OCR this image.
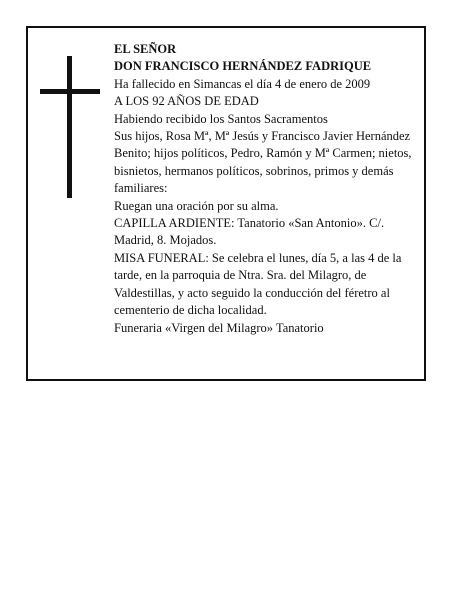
EL SEÑOR

DON FRANCISCO HERNÁNDEZ FADRIQUE

Ha fallecido en Simancas el día 4 de enero de 2009

A LOS 92 AÑOS DE EDAD

Habiendo recibido los Santos Sacramentos

Sus hijos, Rosa Mª, Mª Jesús y Francisco Javier Hernández Benito; hijos políticos, Pedro, Ramón y Mª Carmen; nietos, bisnietos, hermanos políticos, sobrinos, primos y demás familiares:

Ruegan una oración por su alma.

CAPILLA ARDIENTE: Tanatorio «San Antonio». C/. Madrid, 8. Mojados.

MISA FUNERAL: Se celebra el lunes, día 5, a las 4 de la tarde, en la parroquia de Ntra. Sra. del Milagro, de Valdestillas, y acto seguido la conducción del féretro al cementerio de dicha localidad.

Funeraria «Virgen del Milagro» Tanatorio
